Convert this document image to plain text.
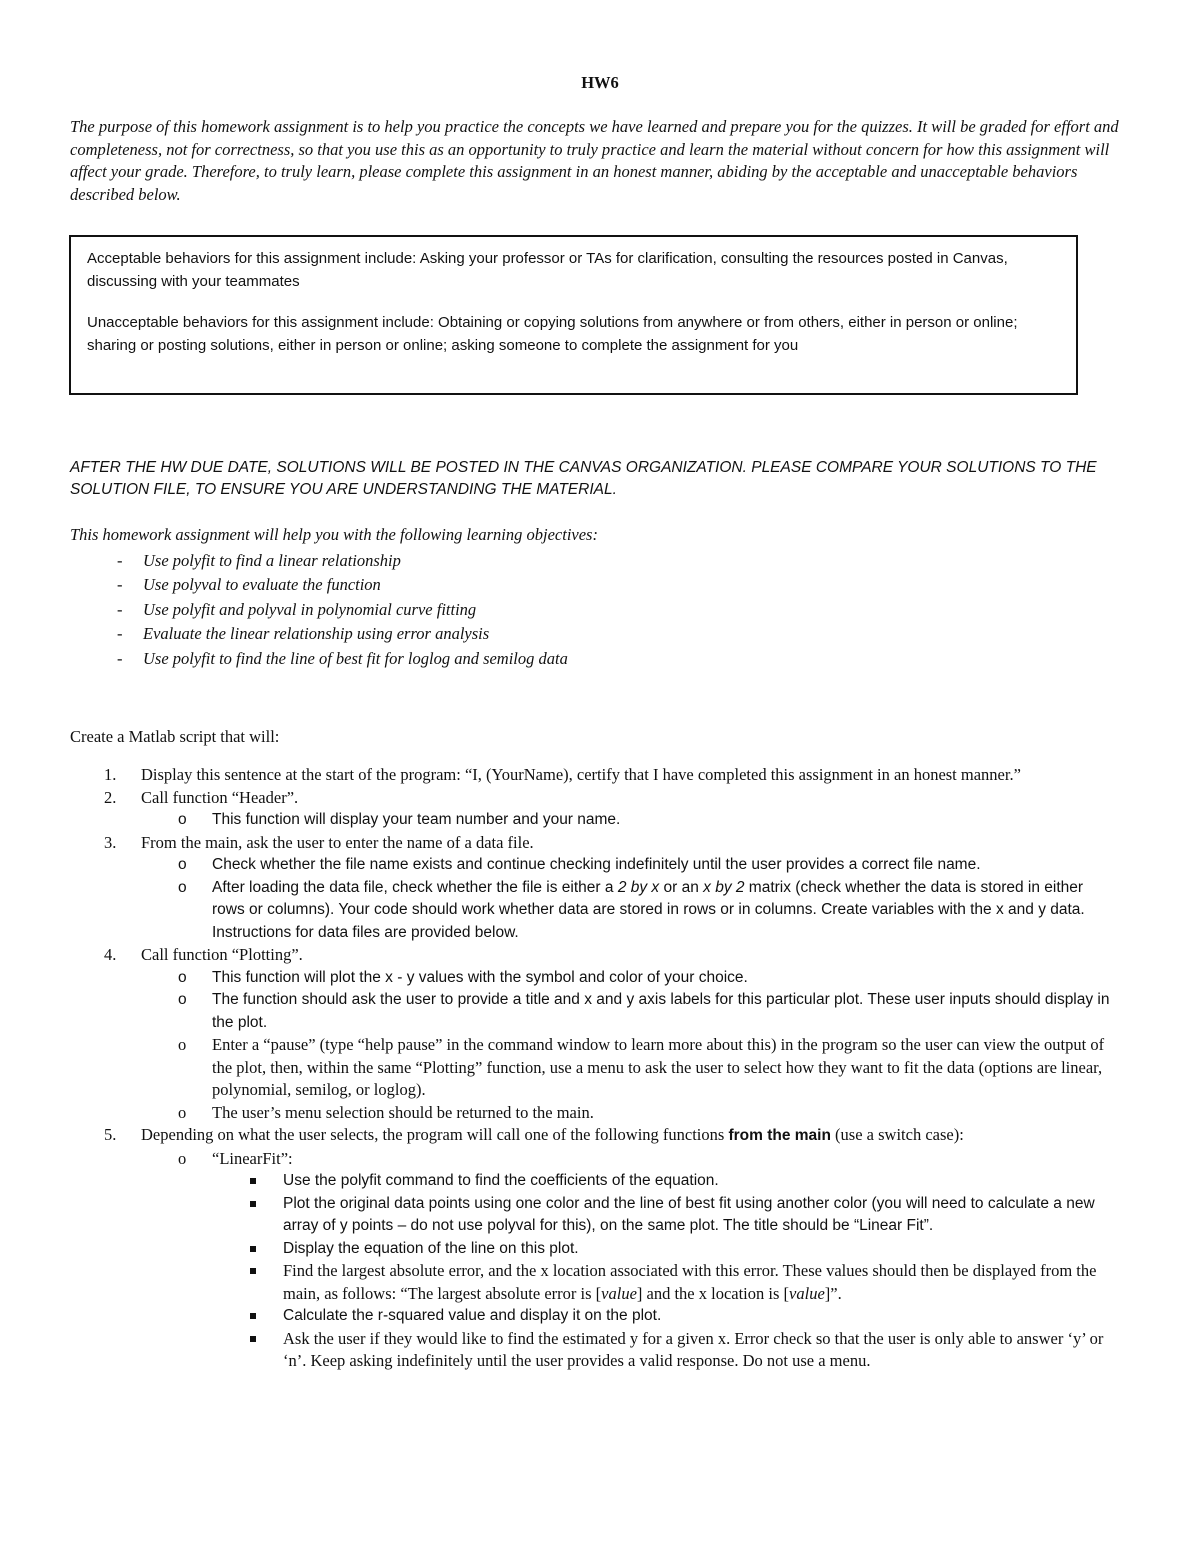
HW6

The purpose of this homework assignment is to help you practice the concepts we have learned and prepare you for the quizzes. It will be graded for effort and completeness, not for correctness, so that you use this as an opportunity to truly practice and learn the material without concern for how this assignment will affect your grade. Therefore, to truly learn, please complete this assignment in an honest manner, abiding by the acceptable and unacceptable behaviors described below.

Acceptable behaviors for this assignment include: Asking your professor or TAs for clarification, consulting the resources posted in Canvas, discussing with your teammates

Unacceptable behaviors for this assignment include: Obtaining or copying solutions from anywhere or from others, either in person or online; sharing or posting solutions, either in person or online; asking someone to complete the assignment for you

AFTER THE HW DUE DATE, SOLUTIONS WILL BE POSTED IN THE CANVAS ORGANIZATION. PLEASE COMPARE YOUR SOLUTIONS TO THE SOLUTION FILE, TO ENSURE YOU ARE UNDERSTANDING THE MATERIAL.

This homework assignment will help you with the following learning objectives:
- Use polyfit to find a linear relationship
- Use polyval to evaluate the function
- Use polyfit and polyval in polynomial curve fitting
- Evaluate the linear relationship using error analysis
- Use polyfit to find the line of best fit for loglog and semilog data

Create a Matlab script that will:

1. Display this sentence at the start of the program: “I, (YourName), certify that I have completed this assignment in an honest manner.”
2. Call function “Header”.
o This function will display your team number and your name.
3. From the main, ask the user to enter the name of a data file.
o Check whether the file name exists and continue checking indefinitely until the user provides a correct file name.
o After loading the data file, check whether the file is either a 2 by x or an x by 2 matrix (check whether the data is stored in either rows or columns). Your code should work whether data are stored in rows or in columns. Create variables with the x and y data. Instructions for data files are provided below.
4. Call function “Plotting”.
o This function will plot the x - y values with the symbol and color of your choice.
o The function should ask the user to provide a title and x and y axis labels for this particular plot. These user inputs should display in the plot.
o Enter a “pause” (type “help pause” in the command window to learn more about this) in the program so the user can view the output of the plot, then, within the same “Plotting” function, use a menu to ask the user to select how they want to fit the data (options are linear, polynomial, semilog, or loglog).
o The user’s menu selection should be returned to the main.
5. Depending on what the user selects, the program will call one of the following functions from the main (use a switch case):
o “LinearFit”:
Use the polyfit command to find the coefficients of the equation.
Plot the original data points using one color and the line of best fit using another color (you will need to calculate a new array of y points – do not use polyval for this), on the same plot. The title should be “Linear Fit”.
Display the equation of the line on this plot.
Find the largest absolute error, and the x location associated with this error. These values should then be displayed from the main, as follows: “The largest absolute error is [value] and the x location is [value]”.
Calculate the r-squared value and display it on the plot.
Ask the user if they would like to find the estimated y for a given x. Error check so that the user is only able to answer ‘y’ or ‘n’. Keep asking indefinitely until the user provides a valid response. Do not use a menu.
